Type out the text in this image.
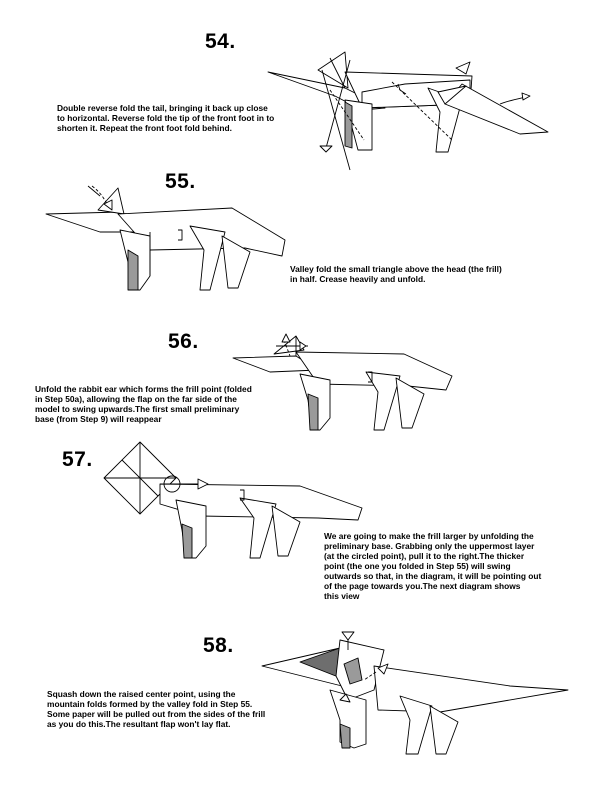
54.
55.
56.
57.
58.
Double reverse fold the tail, bringing it back up close
to horizontal. Reverse fold the tip of the front foot in to
shorten it. Repeat the front foot fold behind.
Valley fold the small triangle above the head (the frill)
in half. Crease heavily and unfold.
Unfold the rabbit ear which forms the frill point (folded
in Step 50a), allowing the flap on the far side of the
model to swing upwards.The first small preliminary
base (from Step 9) will reappear
We are going to make the frill larger by unfolding the
preliminary base. Grabbing only the uppermost layer
(at the circled point), pull it to the right.The thicker
point (the one you folded in Step 55) will swing
outwards so that, in the diagram, it will be pointing out
of the page towards you.The next diagram shows
this view
Squash down the raised center point, using the
mountain folds formed by the valley fold in Step 55.
Some paper will be pulled out from the sides of the frill
as you do this.The resultant flap won't lay flat.
